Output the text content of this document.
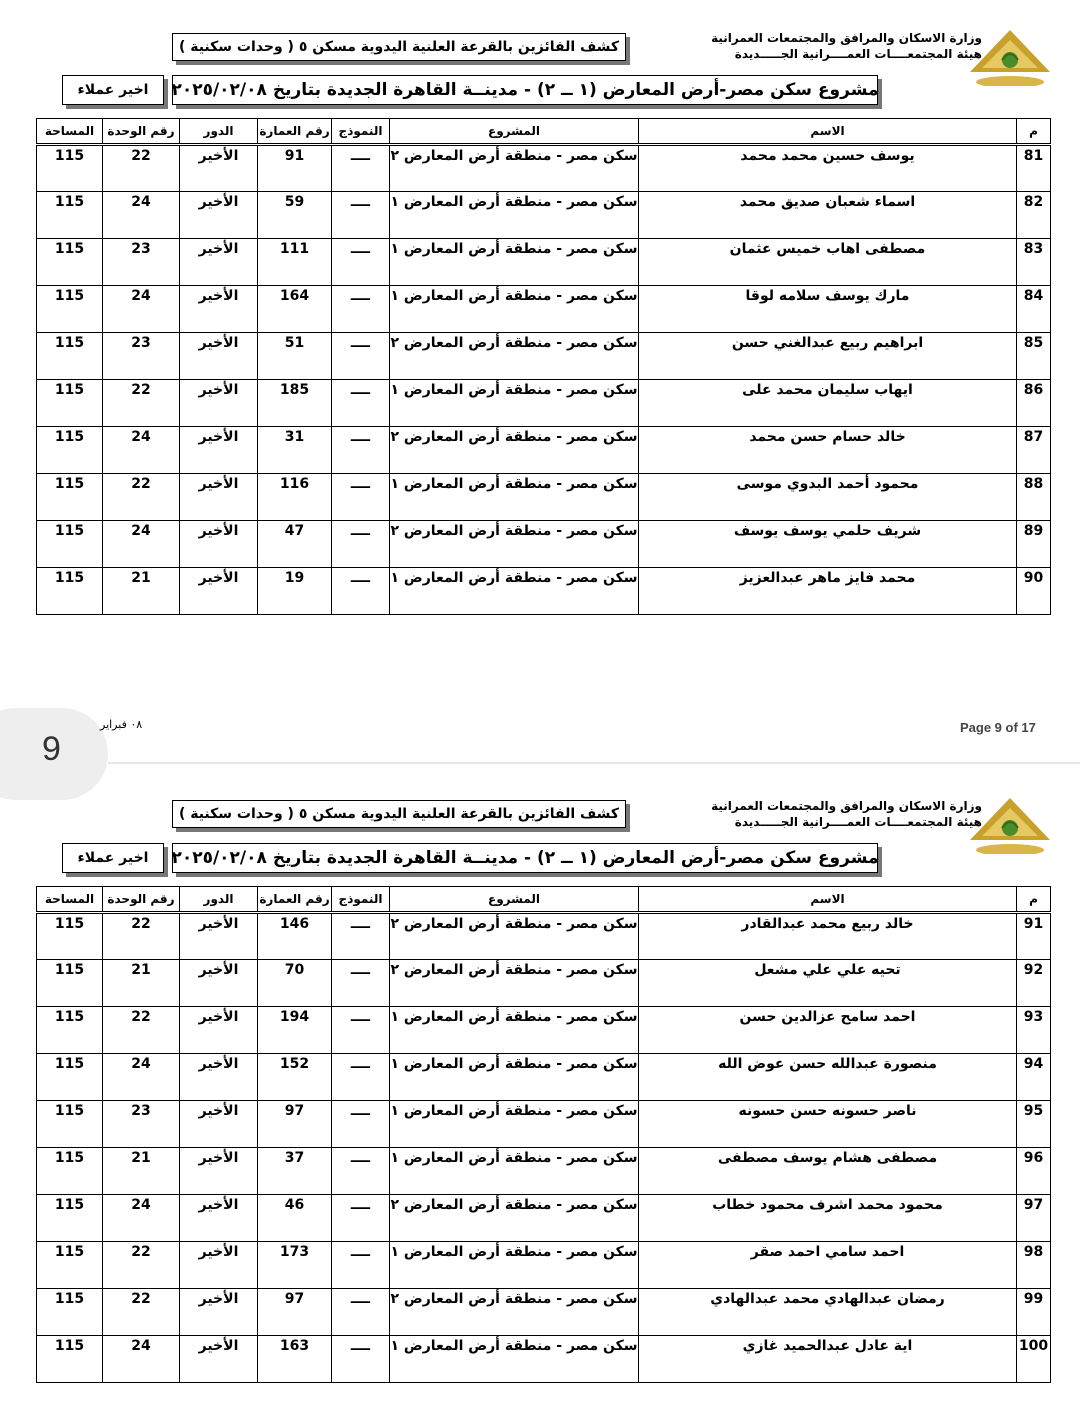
وزارة الاسكان والمرافق والمجتمعات العمرانية
هيئة المجتمعــــات العمــــرانية الجـــــديدة
كشف الفائزين بالقرعة العلنية اليدوية مسكن ٥ ( وحدات سكنية )
مشروع سكن مصر-أرض المعارض (١ ــ ٢) - مدينــة القاهرة الجديدة بتاريخ ٢٠٢٥/٠٢/٠٨
اخير عملاء
م	الاسم	المشروع	النموذج	رقم العمارة	الدور	رقم الوحدة	المساحة
81	يوسف حسين محمد محمد	سكن مصر - منطقة أرض المعارض ٢	ــــ	91	الأخير	22	115
82	اسماء شعبان صديق محمد	سكن مصر - منطقة أرض المعارض ١	ــــ	59	الأخير	24	115
83	مصطفى اهاب خميس عثمان	سكن مصر - منطقة أرض المعارض ١	ــــ	111	الأخير	23	115
84	مارك يوسف سلامه لوقا	سكن مصر - منطقة أرض المعارض ١	ــــ	164	الأخير	24	115
85	ابراهيم ربيع عبدالغني حسن	سكن مصر - منطقة أرض المعارض ٢	ــــ	51	الأخير	23	115
86	ايهاب سليمان محمد على	سكن مصر - منطقة أرض المعارض ١	ــــ	185	الأخير	22	115
87	خالد حسام حسن محمد	سكن مصر - منطقة أرض المعارض ٢	ــــ	31	الأخير	24	115
88	محمود أحمد البدوي موسى	سكن مصر - منطقة أرض المعارض ١	ــــ	116	الأخير	22	115
89	شريف حلمي يوسف يوسف	سكن مصر - منطقة أرض المعارض ٢	ــــ	47	الأخير	24	115
90	محمد فايز ماهر عبدالعزيز	سكن مصر - منطقة أرض المعارض ١	ــــ	19	الأخير	21	115
9
٠٨ فبراير	Page 9 of 17
وزارة الاسكان والمرافق والمجتمعات العمرانية
هيئة المجتمعــــات العمــــرانية الجـــــديدة
كشف الفائزين بالقرعة العلنية اليدوية مسكن ٥ ( وحدات سكنية )
مشروع سكن مصر-أرض المعارض (١ ــ ٢) - مدينــة القاهرة الجديدة بتاريخ ٢٠٢٥/٠٢/٠٨
اخير عملاء
م	الاسم	المشروع	النموذج	رقم العمارة	الدور	رقم الوحدة	المساحة
91	خالد ربيع محمد عبدالقادر	سكن مصر - منطقة أرض المعارض ٢	ــــ	146	الأخير	22	115
92	تحيه علي علي مشعل	سكن مصر - منطقة أرض المعارض ٢	ــــ	70	الأخير	21	115
93	احمد سامح عزالدين حسن	سكن مصر - منطقة أرض المعارض ١	ــــ	194	الأخير	22	115
94	منصورة عبدالله حسن عوض الله	سكن مصر - منطقة أرض المعارض ١	ــــ	152	الأخير	24	115
95	ناصر حسونه حسن حسونه	سكن مصر - منطقة أرض المعارض ١	ــــ	97	الأخير	23	115
96	مصطفى هشام يوسف مصطفى	سكن مصر - منطقة أرض المعارض ١	ــــ	37	الأخير	21	115
97	محمود محمد اشرف محمود خطاب	سكن مصر - منطقة أرض المعارض ٢	ــــ	46	الأخير	24	115
98	احمد سامي احمد صقر	سكن مصر - منطقة أرض المعارض ١	ــــ	173	الأخير	22	115
99	رمضان عبدالهادي محمد عبدالهادي	سكن مصر - منطقة أرض المعارض ٢	ــــ	97	الأخير	22	115
100	اية عادل عبدالحميد غازي	سكن مصر - منطقة أرض المعارض ١	ــــ	163	الأخير	24	115
